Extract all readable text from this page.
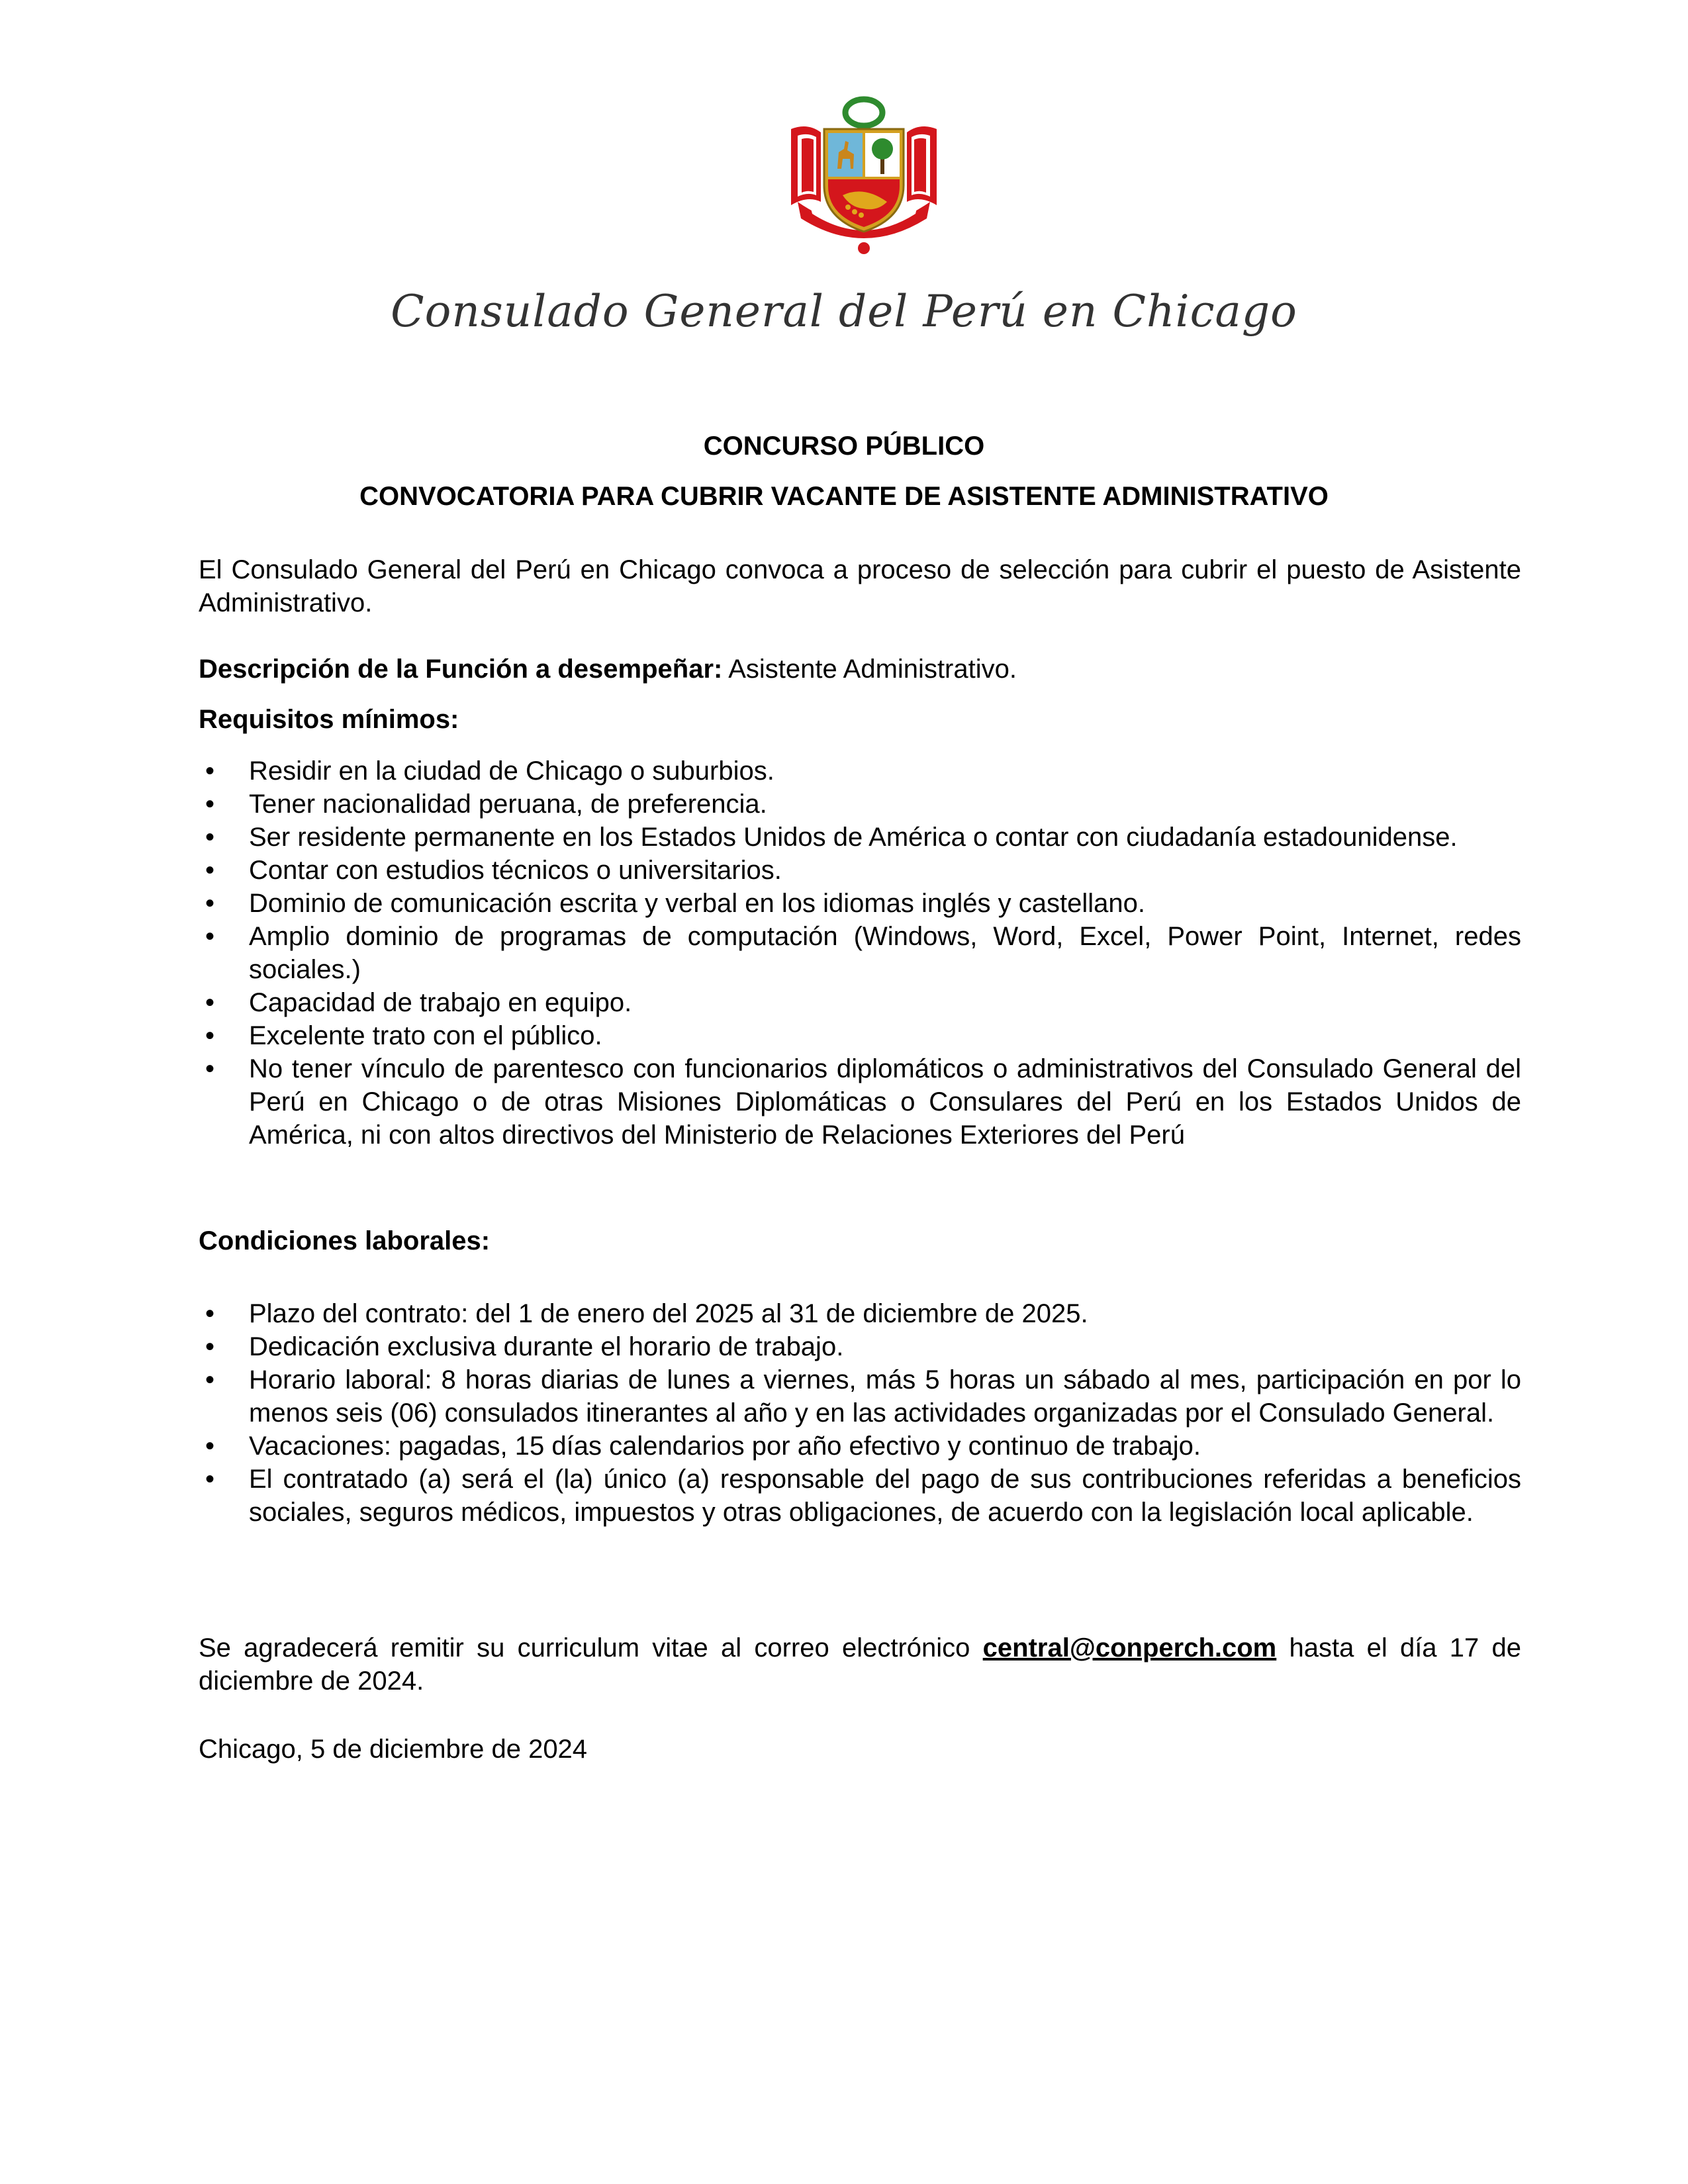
Consulado General del Perú en Chicago
CONCURSO PÚBLICO
CONVOCATORIA PARA CUBRIR VACANTE DE ASISTENTE ADMINISTRATIVO
El Consulado General del Perú en Chicago convoca a proceso de selección para cubrir el puesto de Asistente Administrativo.
Descripción de la Función a desempeñar: Asistente Administrativo.
Requisitos mínimos:
• Residir en la ciudad de Chicago o suburbios.
• Tener nacionalidad peruana, de preferencia.
• Ser residente permanente en los Estados Unidos de América o contar con ciudadanía estadounidense.
• Contar con estudios técnicos o universitarios.
• Dominio de comunicación escrita y verbal en los idiomas inglés y castellano.
• Amplio dominio de programas de computación (Windows, Word, Excel, Power Point, Internet, redes sociales.)
• Capacidad de trabajo en equipo.
• Excelente trato con el público.
• No tener vínculo de parentesco con funcionarios diplomáticos o administrativos del Consulado General del Perú en Chicago o de otras Misiones Diplomáticas o Consulares del Perú en los Estados Unidos de América, ni con altos directivos del Ministerio de Relaciones Exteriores del Perú
Condiciones laborales:
• Plazo del contrato: del 1 de enero del 2025 al 31 de diciembre de 2025.
• Dedicación exclusiva durante el horario de trabajo.
• Horario laboral: 8 horas diarias de lunes a viernes, más 5 horas un sábado al mes, participación en por lo menos seis (06) consulados itinerantes al año y en las actividades organizadas por el Consulado General.
• Vacaciones: pagadas, 15 días calendarios por año efectivo y continuo de trabajo.
• El contratado (a) será el (la) único (a) responsable del pago de sus contribuciones referidas a beneficios sociales, seguros médicos, impuestos y otras obligaciones, de acuerdo con la legislación local aplicable.
Se agradecerá remitir su curriculum vitae al correo electrónico central@conperch.com hasta el día 17 de diciembre de 2024.
Chicago, 5 de diciembre de 2024
